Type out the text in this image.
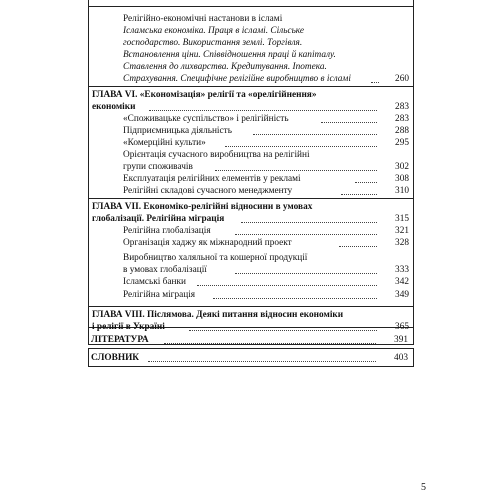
Релігійно-економічні настанови в ісламі
Ісламська економіка. Праця в ісламі. Сільське
господарство. Використання землі. Торгівля.
Встановлення ціни. Співвідношення праці й капіталу.
Ставлення до лихварства. Кредитування. Іпотека.
Страхування. Специфічне релігійне виробництво в ісламі	260
ГЛАВА VI. «Економізація» релігії та «орелігійнення»
економіки	283
«Споживацьке суспільство» і релігійність	283
Підприємницька діяльність	288
«Комерційні культи»	295
Орієнтація сучасного виробництва на релігійні
групи споживачів	302
Експлуатація релігійних елементів у рекламі	308
Релігійні складові сучасного менеджменту	310
ГЛАВА VII. Економіко-релігійні відносини в умовах
глобалізації. Релігійна міграція	315
Релігійна глобалізація	321
Організація хаджу як міжнародний проект	328
Виробництво халяльної та кошерної продукції
в умовах глобалізації	333
Ісламські банки	342
Релігійна міграція	349
ГЛАВА VIII. Післямова. Деякі питання відносин економіки
і релігії в Україні	365
ЛІТЕРАТУРА	391
СЛОВНИК	403
5
